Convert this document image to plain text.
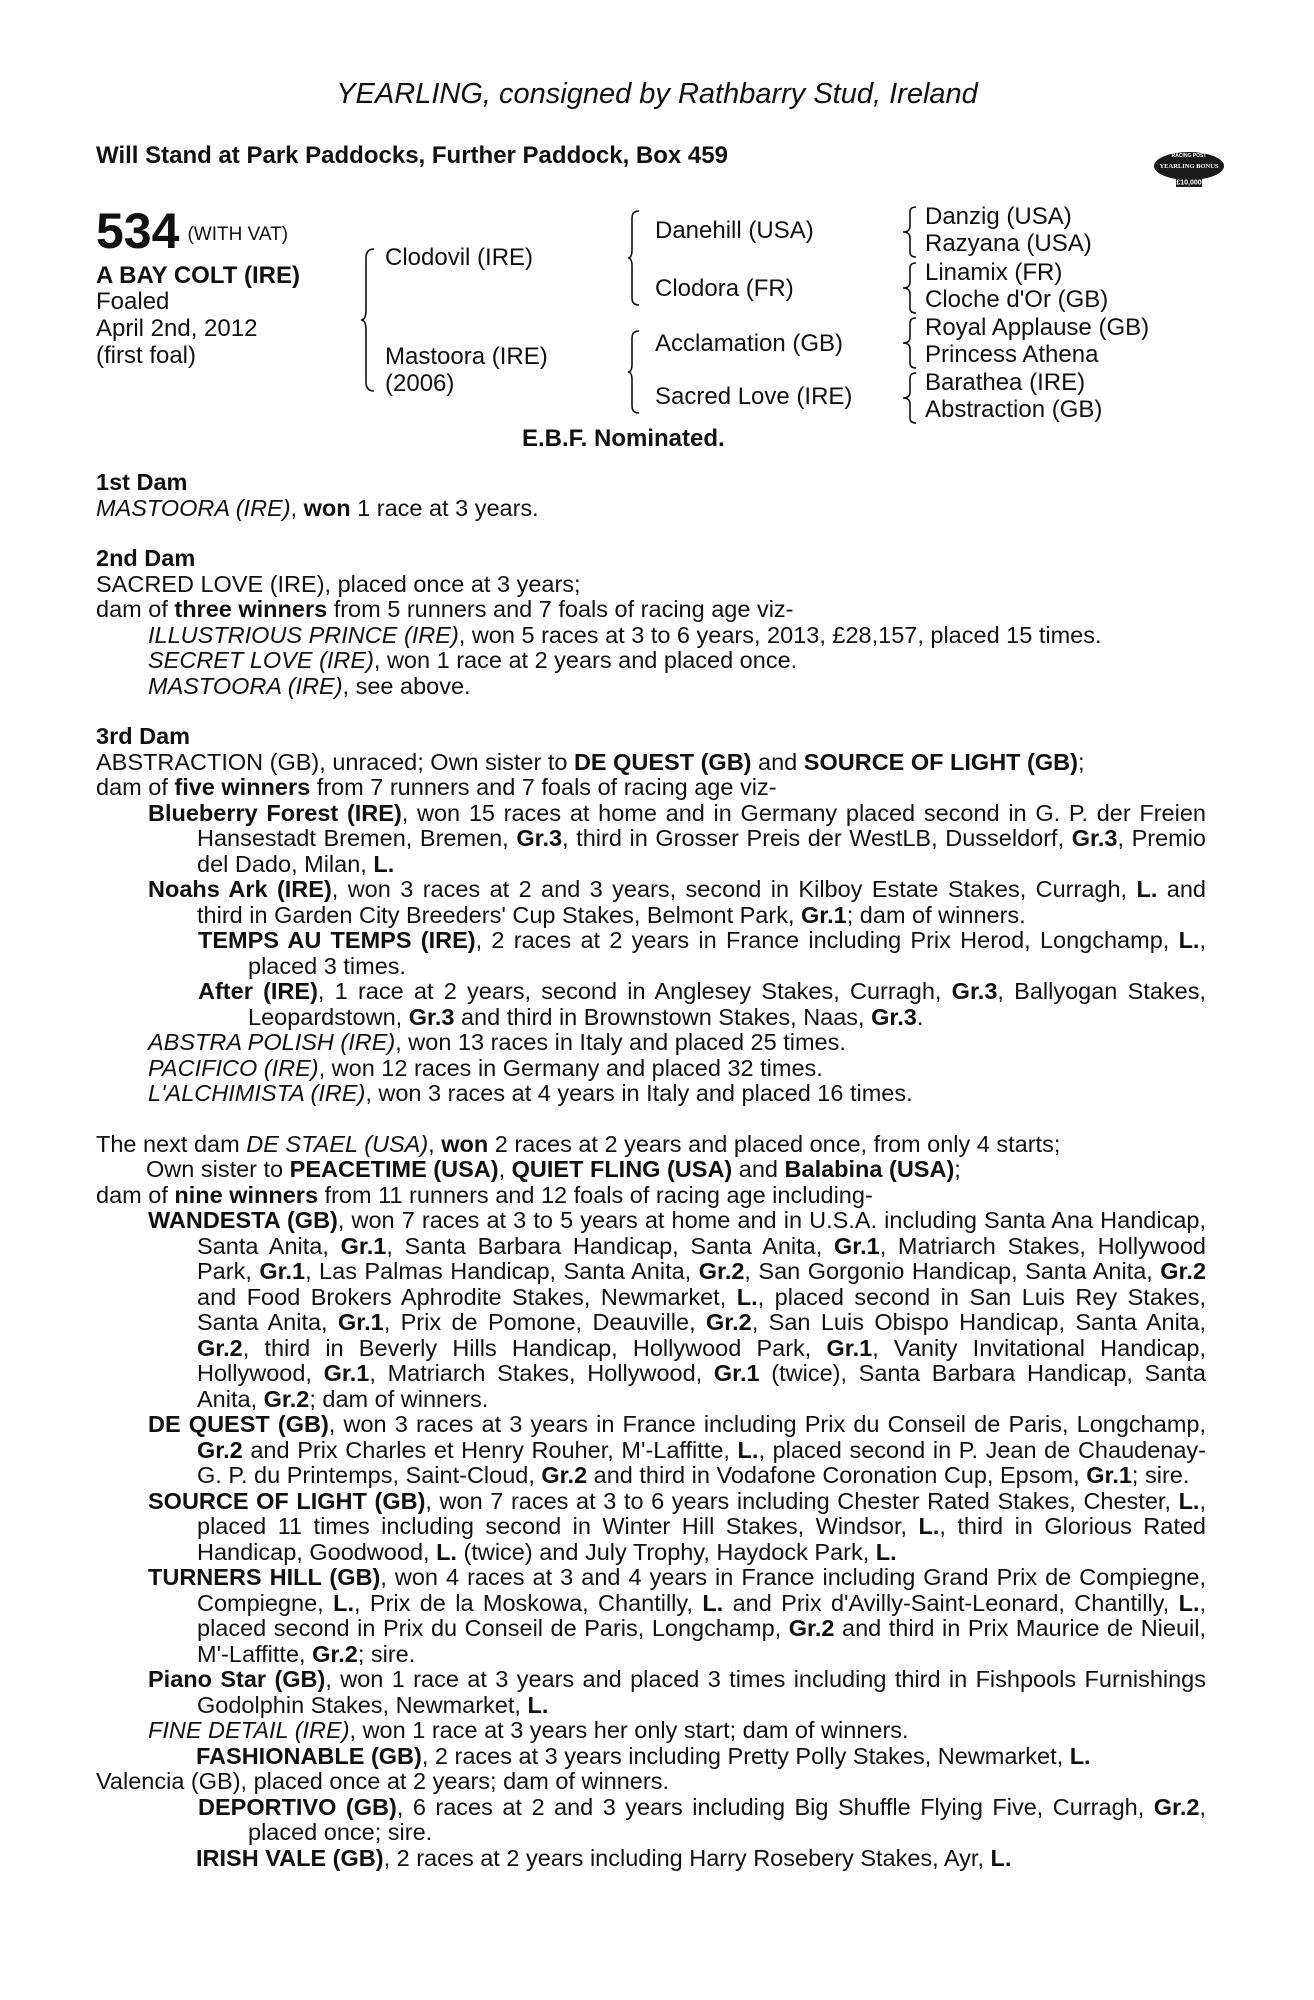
YEARLING, consigned by Rathbarry Stud, Ireland
Will Stand at Park Paddocks, Further Paddock, Box 459	RACING POST
YEARLING BONUS
£10,000
534 (WITH VAT)
A BAY COLT (IRE)
Foaled
April 2nd, 2012
(first foal)
Clodovil (IRE)
Mastoora (IRE)
(2006)
Danehill (USA)
Clodora (FR)
Acclamation (GB)
Sacred Love (IRE)
Danzig (USA)
Razyana (USA)
Linamix (FR)
Cloche d'Or (GB)
Royal Applause (GB)
Princess Athena
Barathea (IRE)
Abstraction (GB)
E.B.F. Nominated.
1st Dam
MASTOORA (IRE), won 1 race at 3 years.
2nd Dam
SACRED LOVE (IRE), placed once at 3 years;
dam of three winners from 5 runners and 7 foals of racing age viz-
ILLUSTRIOUS PRINCE (IRE), won 5 races at 3 to 6 years, 2013, £28,157, placed 15 times.
SECRET LOVE (IRE), won 1 race at 2 years and placed once.
MASTOORA (IRE), see above.
3rd Dam
ABSTRACTION (GB), unraced; Own sister to DE QUEST (GB) and SOURCE OF LIGHT (GB);
dam of five winners from 7 runners and 7 foals of racing age viz-
Blueberry Forest (IRE), won 15 races at home and in Germany placed second in G. P. der Freien Hansestadt Bremen, Bremen, Gr.3, third in Grosser Preis der WestLB, Dusseldorf, Gr.3, Premio del Dado, Milan, L.
Noahs Ark (IRE), won 3 races at 2 and 3 years, second in Kilboy Estate Stakes, Curragh, L. and third in Garden City Breeders' Cup Stakes, Belmont Park, Gr.1; dam of winners.
TEMPS AU TEMPS (IRE), 2 races at 2 years in France including Prix Herod, Longchamp, L., placed 3 times.
After (IRE), 1 race at 2 years, second in Anglesey Stakes, Curragh, Gr.3, Ballyogan Stakes, Leopardstown, Gr.3 and third in Brownstown Stakes, Naas, Gr.3.
ABSTRA POLISH (IRE), won 13 races in Italy and placed 25 times.
PACIFICO (IRE), won 12 races in Germany and placed 32 times.
L'ALCHIMISTA (IRE), won 3 races at 4 years in Italy and placed 16 times.
The next dam DE STAEL (USA), won 2 races at 2 years and placed once, from only 4 starts;
Own sister to PEACETIME (USA), QUIET FLING (USA) and Balabina (USA);
dam of nine winners from 11 runners and 12 foals of racing age including-
WANDESTA (GB), won 7 races at 3 to 5 years at home and in U.S.A. including Santa Ana Handicap, Santa Anita, Gr.1, Santa Barbara Handicap, Santa Anita, Gr.1, Matriarch Stakes, Hollywood Park, Gr.1, Las Palmas Handicap, Santa Anita, Gr.2, San Gorgonio Handicap, Santa Anita, Gr.2 and Food Brokers Aphrodite Stakes, Newmarket, L., placed second in San Luis Rey Stakes, Santa Anita, Gr.1, Prix de Pomone, Deauville, Gr.2, San Luis Obispo Handicap, Santa Anita, Gr.2, third in Beverly Hills Handicap, Hollywood Park, Gr.1, Vanity Invitational Handicap, Hollywood, Gr.1, Matriarch Stakes, Hollywood, Gr.1 (twice), Santa Barbara Handicap, Santa Anita, Gr.2; dam of winners.
DE QUEST (GB), won 3 races at 3 years in France including Prix du Conseil de Paris, Longchamp, Gr.2 and Prix Charles et Henry Rouher, M'-Laffitte, L., placed second in P. Jean de Chaudenay-G. P. du Printemps, Saint-Cloud, Gr.2 and third in Vodafone Coronation Cup, Epsom, Gr.1; sire.
SOURCE OF LIGHT (GB), won 7 races at 3 to 6 years including Chester Rated Stakes, Chester, L., placed 11 times including second in Winter Hill Stakes, Windsor, L., third in Glorious Rated Handicap, Goodwood, L. (twice) and July Trophy, Haydock Park, L.
TURNERS HILL (GB), won 4 races at 3 and 4 years in France including Grand Prix de Compiegne, Compiegne, L., Prix de la Moskowa, Chantilly, L. and Prix d'Avilly-Saint-Leonard, Chantilly, L., placed second in Prix du Conseil de Paris, Longchamp, Gr.2 and third in Prix Maurice de Nieuil, M'-Laffitte, Gr.2; sire.
Piano Star (GB), won 1 race at 3 years and placed 3 times including third in Fishpools Furnishings Godolphin Stakes, Newmarket, L.
FINE DETAIL (IRE), won 1 race at 3 years her only start; dam of winners.
FASHIONABLE (GB), 2 races at 3 years including Pretty Polly Stakes, Newmarket, L.
Valencia (GB), placed once at 2 years; dam of winners.
DEPORTIVO (GB), 6 races at 2 and 3 years including Big Shuffle Flying Five, Curragh, Gr.2, placed once; sire.
IRISH VALE (GB), 2 races at 2 years including Harry Rosebery Stakes, Ayr, L.
